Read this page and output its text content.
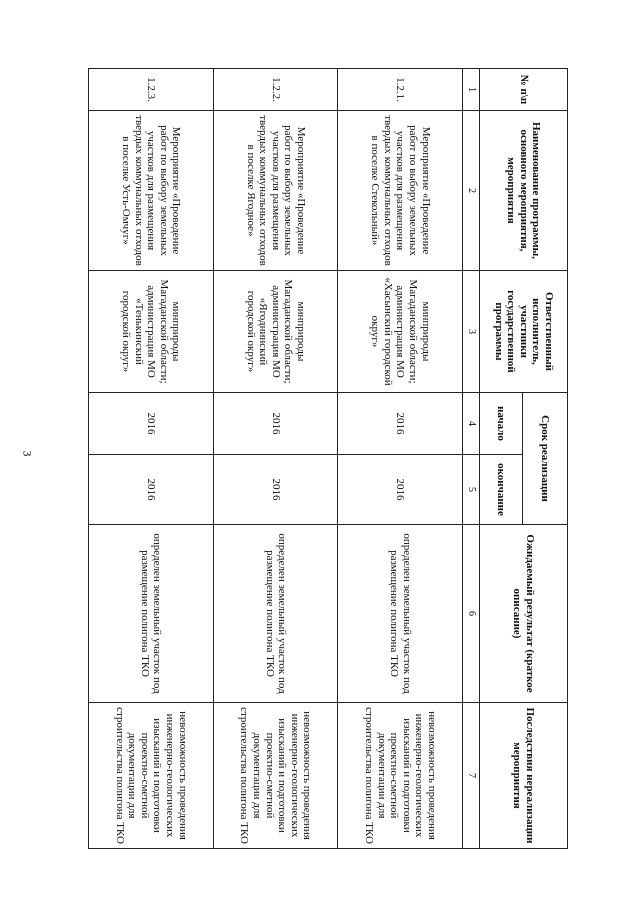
3
№ п\п	Наименование программы, основного мероприятия, мероприятия	Ответственный исполнитель, участники государственной программы	Срок реализации		Ожидаемый результат (краткое описание)	Последствия нереализации мероприятия
			начало	окончание		
1	2	3	4	5	6	7
1.2.1.	Мероприятие «Проведение работ по выбору земельных участков для размещения твердых коммунальных отходов в поселке Стекольный»	минприроды Магаданской области; администрация МО «Хасынский городской округ»	2016	2016	определен земельный участок под размещение полигона ТКО	невозможность проведения инженерно-геологических изысканий и подготовки проектно-сметной документации для строительства полигона ТКО
1.2.2.	Мероприятие «Проведение работ по выбору земельных участков для размещения твердых коммунальных отходов в поселке Ягодное»	минприроды Магаданской области; администрация МО «Ягоднинский городской округ»	2016	2016	определен земельный участок под размещение полигона ТКО	невозможность проведения инженерно-геологических изысканий и подготовки проектно-сметной документации для строительства полигона ТКО
1.2.3.	Мероприятие «Проведение работ по выбору земельных участков для размещения твердых коммунальных отходов в поселке Усть-Омчуг»	минприроды Магаданской области; администрация МО «Тенькинский городской округ»	2016	2016	определен земельный участок под размещение полигона ТКО	невозможность проведения инженерно-геологических изысканий и подготовки проектно-сметной документации для строительства полигона ТКО
